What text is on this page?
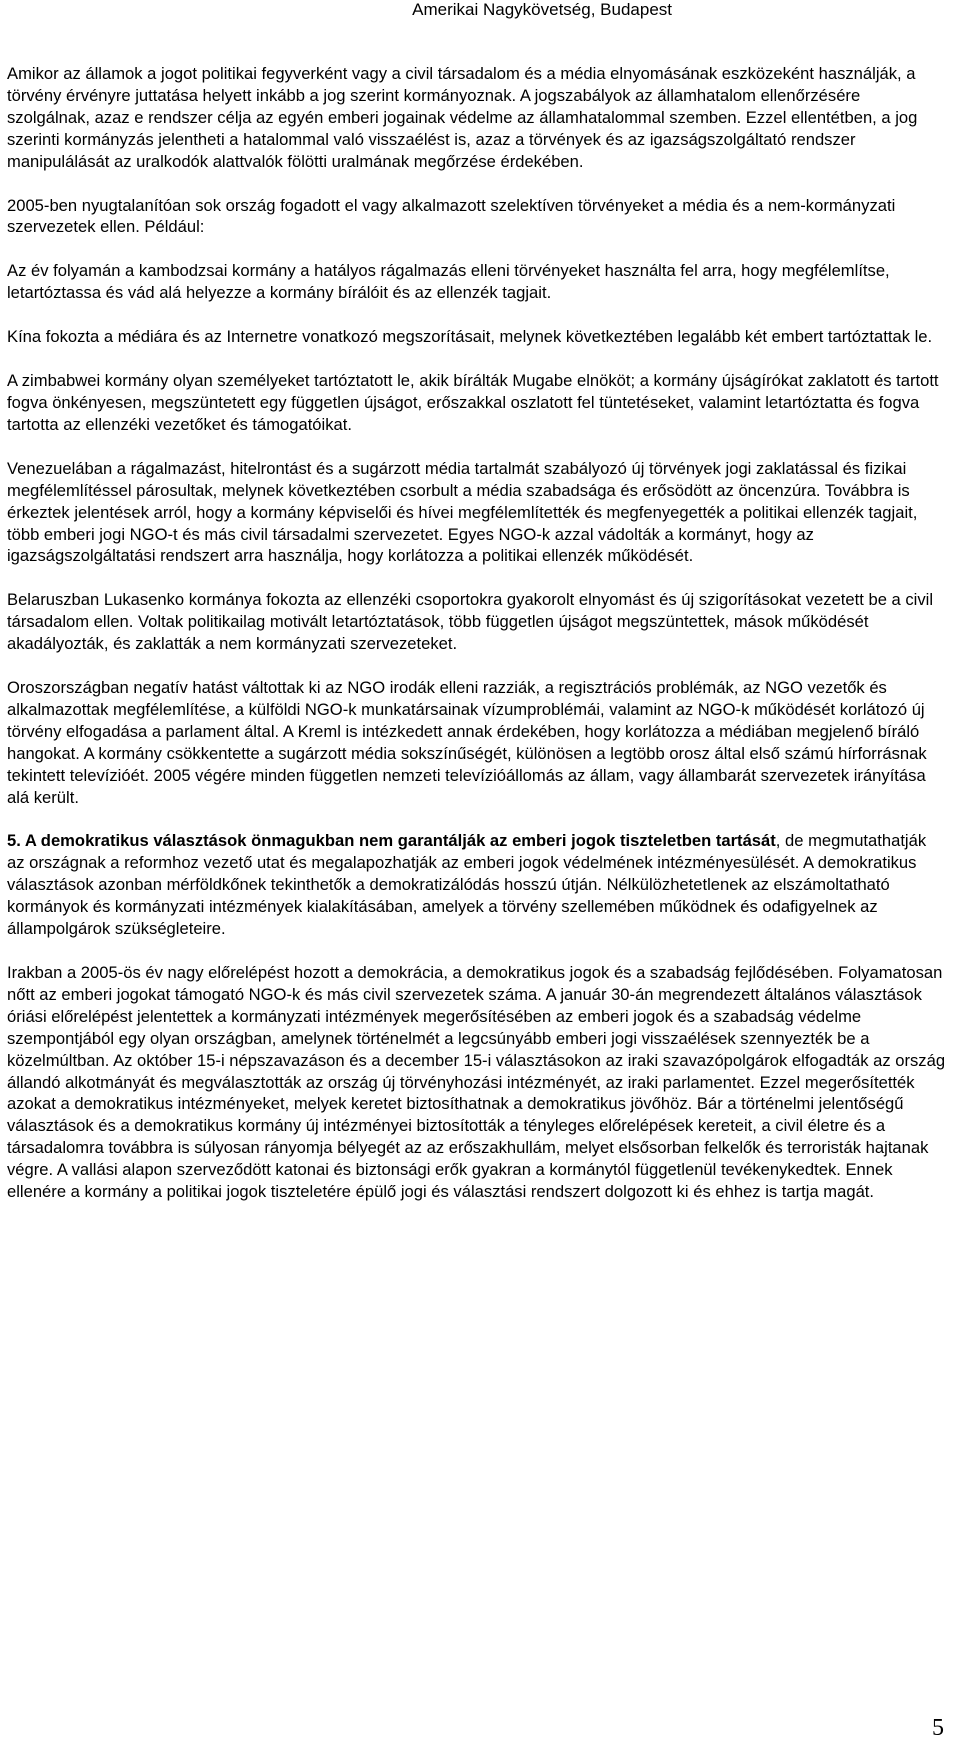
Amerikai Nagykövetség, Budapest

Amikor az államok a jogot politikai fegyverként vagy a civil társadalom és a média elnyomásának eszközeként használják, a törvény érvényre juttatása helyett inkább a jog szerint kormányoznak. A jogszabályok az államhatalom ellenőrzésére szolgálnak, azaz e rendszer célja az egyén emberi jogainak védelme az államhatalommal szemben. Ezzel ellentétben, a jog szerinti kormányzás jelentheti a hatalommal való visszaélést is, azaz a törvények és az igazságszolgáltató rendszer manipulálását az uralkodók alattvalók fölötti uralmának megőrzése érdekében.

2005-ben nyugtalanítóan sok ország fogadott el vagy alkalmazott szelektíven törvényeket a média és a nem-kormányzati szervezetek ellen. Például:

Az év folyamán a kambodzsai kormány a hatályos rágalmazás elleni törvényeket használta fel arra, hogy megfélemlítse, letartóztassa és vád alá helyezze a kormány bírálóit és az ellenzék tagjait.

Kína fokozta a médiára és az Internetre vonatkozó megszorításait, melynek következtében legalább két embert tartóztattak le.

A zimbabwei kormány olyan személyeket tartóztatott le, akik bírálták Mugabe elnököt; a kormány újságírókat zaklatott és tartott fogva önkényesen, megszüntetett egy független újságot, erőszakkal oszlatott fel tüntetéseket, valamint letartóztatta és fogva tartotta az ellenzéki vezetőket és támogatóikat.

Venezuelában a rágalmazást, hitelrontást és a sugárzott média tartalmát szabályozó új törvények jogi zaklatással és fizikai megfélemlítéssel párosultak, melynek következtében csorbult a média szabadsága és erősödött az öncenzúra. Továbbra is érkeztek jelentések arról, hogy a kormány képviselői és hívei megfélemlítették és megfenyegették a politikai ellenzék tagjait, több emberi jogi NGO-t és más civil társadalmi szervezetet. Egyes NGO-k azzal vádolták a kormányt, hogy az igazságszolgáltatási rendszert arra használja, hogy korlátozza a politikai ellenzék működését.

Belaruszban Lukasenko kormánya fokozta az ellenzéki csoportokra gyakorolt elnyomást és új szigorításokat vezetett be a civil társadalom ellen. Voltak politikailag motivált letartóztatások, több független újságot megszüntettek, mások működését akadályozták, és zaklatták a nem kormányzati szervezeteket.

Oroszországban negatív hatást váltottak ki az NGO irodák elleni razziák, a regisztrációs problémák, az NGO vezetők és alkalmazottak megfélemlítése, a külföldi NGO-k munkatársainak vízumproblémái, valamint az NGO-k működését korlátozó új törvény elfogadása a parlament által. A Kreml is intézkedett annak érdekében, hogy korlátozza a médiában megjelenő bíráló hangokat. A kormány csökkentette a sugárzott média sokszínűségét, különösen a legtöbb orosz által első számú hírforrásnak tekintett televízióét. 2005 végére minden független nemzeti televízióállomás az állam, vagy állambarát szervezetek irányítása alá került.

5. A demokratikus választások önmagukban nem garantálják az emberi jogok tiszteletben tartását, de megmutathatják az országnak a reformhoz vezető utat és megalapozhatják az emberi jogok védelmének intézményesülését. A demokratikus választások azonban mérföldkőnek tekinthetők a demokratizálódás hosszú útján. Nélkülözhetetlenek az elszámoltatható kormányok és kormányzati intézmények kialakításában, amelyek a törvény szellemében működnek és odafigyelnek az állampolgárok szükségleteire.

Irakban a 2005-ös év nagy előrelépést hozott a demokrácia, a demokratikus jogok és a szabadság fejlődésében. Folyamatosan nőtt az emberi jogokat támogató NGO-k és más civil szervezetek száma. A január 30-án megrendezett általános választások óriási előrelépést jelentettek a kormányzati intézmények megerősítésében az emberi jogok és a szabadság védelme szempontjából egy olyan országban, amelynek történelmét a legcsúnyább emberi jogi visszaélések szennyezték be a közelmúltban. Az október 15-i népszavazáson és a december 15-i választásokon az iraki szavazópolgárok elfogadták az ország állandó alkotmányát és megválasztották az ország új törvényhozási intézményét, az iraki parlamentet. Ezzel megerősítették azokat a demokratikus intézményeket, melyek keretet biztosíthatnak a demokratikus jövőhöz. Bár a történelmi jelentőségű választások és a demokratikus kormány új intézményei biztosították a tényleges előrelépések kereteit, a civil életre és a társadalomra továbbra is súlyosan rányomja bélyegét az az erőszakhullám, melyet elsősorban felkelők és terroristák hajtanak végre. A vallási alapon szerveződött katonai és biztonsági erők gyakran a kormánytól függetlenül tevékenykedtek. Ennek ellenére a kormány a politikai jogok tiszteletére épülő jogi és választási rendszert dolgozott ki és ehhez is tartja magát.

5
